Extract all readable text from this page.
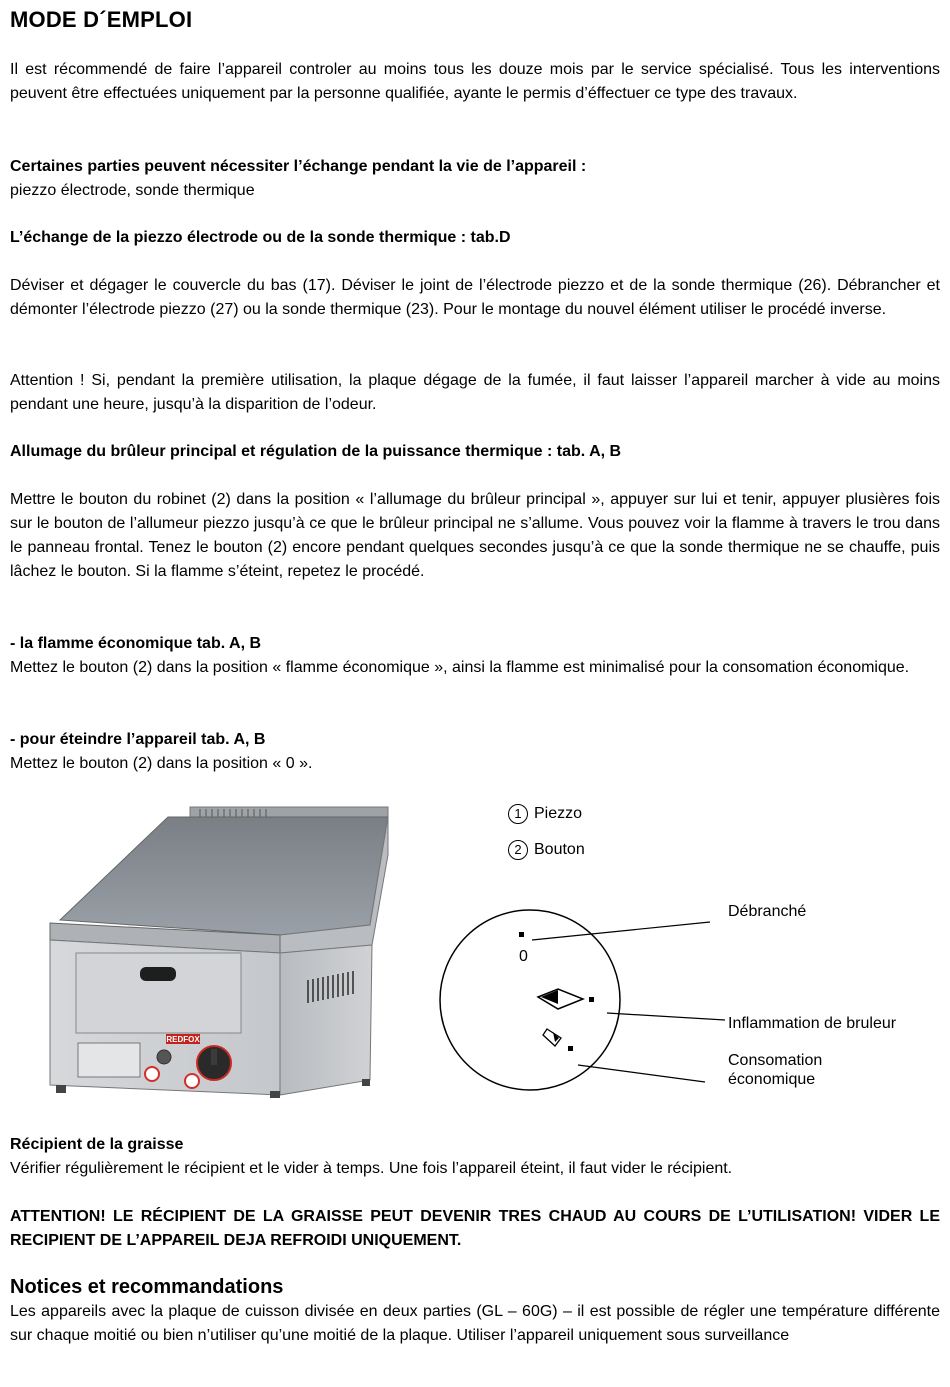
MODE D´EMPLOI

Il est récommendé de faire l’appareil controler au moins tous les douze mois par le service spécialisé. Tous les interventions peuvent être effectuées uniquement par la personne qualifiée, ayante le permis d’éffectuer ce type des travaux.

Certaines parties peuvent nécessiter l’échange pendant la vie de l’appareil :

piezzo électrode, sonde thermique

L’échange de la piezzo électrode ou de la sonde thermique : tab.D

Déviser et dégager le couvercle du bas (17). Déviser le joint de l’électrode piezzo et de la sonde thermique (26). Débrancher et démonter l’électrode piezzo (27) ou la sonde thermique (23). Pour le montage du nouvel élément utiliser le procédé inverse.

Attention ! Si, pendant la première utilisation, la plaque dégage de la fumée, il faut laisser l’appareil marcher à vide au moins pendant une heure, jusqu’à la disparition de l’odeur.

Allumage du brûleur principal et régulation de la puissance thermique : tab. A, B

Mettre le bouton du robinet (2) dans la position « l’allumage du brûleur principal », appuyer sur lui et tenir, appuyer plusières fois sur le bouton de l’allumeur piezzo jusqu’à ce que le brûleur principal ne s’allume. Vous pouvez voir la flamme à travers le trou dans le panneau frontal. Tenez le bouton (2) encore pendant quelques secondes jusqu’à ce que la sonde thermique ne se chauffe, puis lâchez le bouton. Si la flamme s’éteint, repetez le procédé.

- la flamme économique tab. A, B

Mettez le bouton (2) dans la position « flamme économique », ainsi la flamme est minimalisé pour la consomation économique.

- pour éteindre l’appareil tab. A, B

Mettez le bouton (2) dans la position « 0 ».

REDFOX
1 Piezzo
2 Bouton
0
Débranché
Inflammation de bruleur
Consomation
économique

Récipient de la graisse

Vérifier régulièrement le récipient et le vider à temps. Une fois l’appareil éteint, il faut vider le récipient.

ATTENTION! LE RÉCIPIENT DE LA GRAISSE PEUT DEVENIR TRES CHAUD AU COURS DE L’UTILISATION! VIDER LE RECIPIENT DE L’APPAREIL DEJA REFROIDI UNIQUEMENT.

Notices et recommandations

Les appareils avec la plaque de cuisson divisée en deux parties (GL – 60G) – il est possible de régler une température différente sur chaque moitié ou bien n’utiliser qu’une moitié de la plaque. Utiliser l’appareil uniquement sous surveillance
